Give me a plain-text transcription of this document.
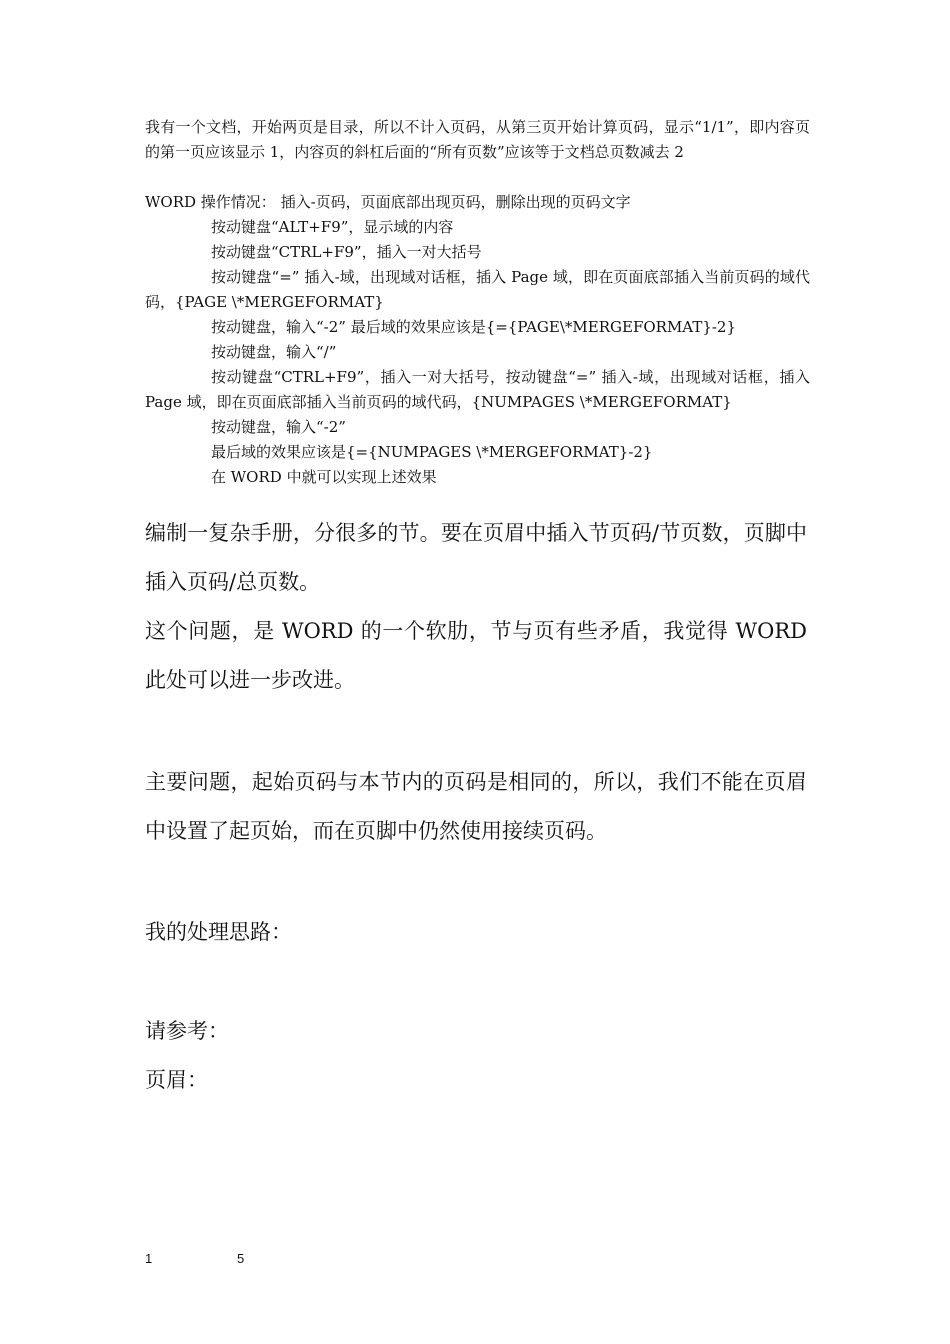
我有一个文档，开始两页是目录，所以不计入页码，从第三页开始计算页码，显示“1/1”，即内容页的第一页应该显示 1，内容页的斜杠后面的“所有页数”应该等于文档总页数减去 2

WORD 操作情况： 插入-页码，页面底部出现页码，删除出现的页码文字

按动键盘“ALT+F9”，显示域的内容

按动键盘“CTRL+F9”，插入一对大括号

按动键盘“=” 插入-域，出现域对话框，插入 Page 域，即在页面底部插入当前页码的域代码，{PAGE \*MERGEFORMAT}

按动键盘，输入“-2” 最后域的效果应该是{={PAGE\*MERGEFORMAT}-2}

按动键盘，输入“/”

按动键盘“CTRL+F9”，插入一对大括号，按动键盘“=” 插入-域，出现域对话框，插入 Page 域，即在页面底部插入当前页码的域代码，{NUMPAGES \*MERGEFORMAT}

按动键盘，输入“-2”

最后域的效果应该是{={NUMPAGES \*MERGEFORMAT}-2}

在 WORD 中就可以实现上述效果

编制一复杂手册，分很多的节。要在页眉中插入节页码/节页数，页脚中插入页码/总页数。

这个问题，是 WORD 的一个软肋，节与页有些矛盾，我觉得 WORD 此处可以进一步改进。

主要问题，起始页码与本节内的页码是相同的，所以，我们不能在页眉中设置了起页始，而在页脚中仍然使用接续页码。

我的处理思路：

请参考：

页眉：

1	5
